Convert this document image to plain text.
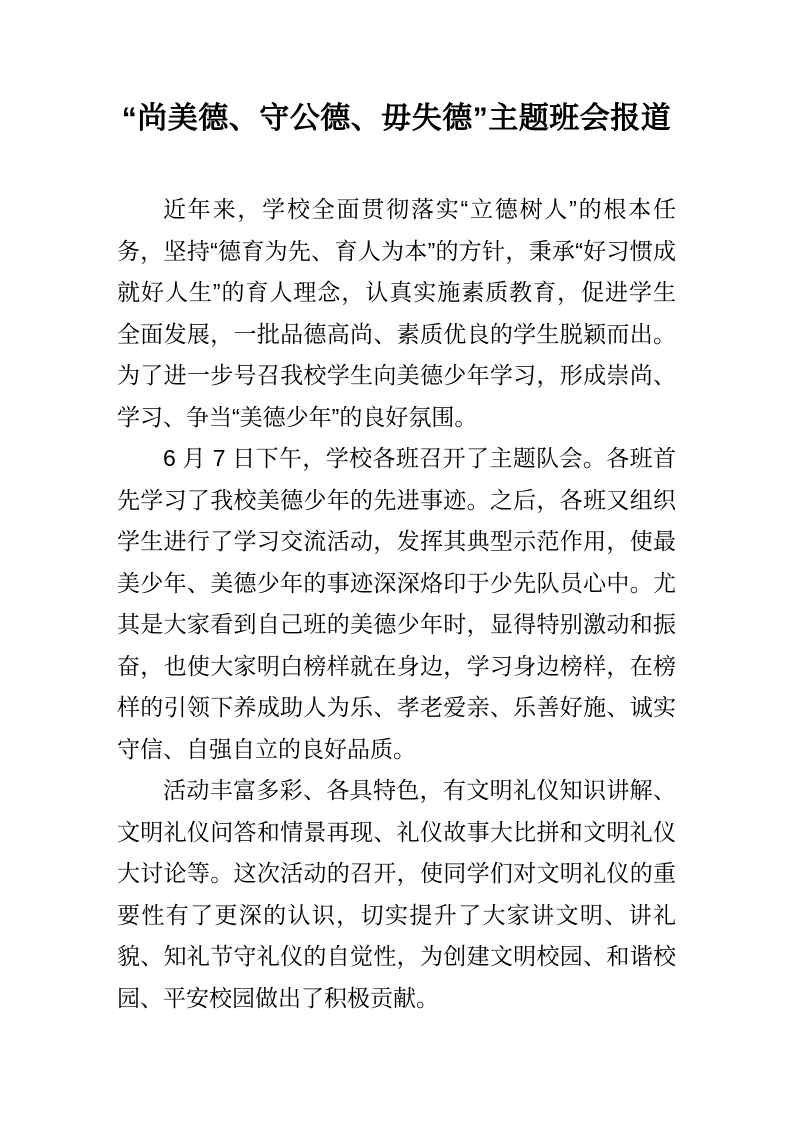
“尚美德、守公德、毋失德”主题班会报道

近年来，学校全面贯彻落实“立德树人”的根本任务，坚持“德育为先、育人为本”的方针，秉承“好习惯成就好人生”的育人理念，认真实施素质教育，促进学生全面发展，一批品德高尚、素质优良的学生脱颖而出。为了进一步号召我校学生向美德少年学习，形成崇尚、学习、争当“美德少年”的良好氛围。

6 月 7 日下午，学校各班召开了主题队会。各班首先学习了我校美德少年的先进事迹。之后，各班又组织学生进行了学习交流活动，发挥其典型示范作用，使最美少年、美德少年的事迹深深烙印于少先队员心中。尤其是大家看到自己班的美德少年时，显得特别激动和振奋，也使大家明白榜样就在身边，学习身边榜样，在榜样的引领下养成助人为乐、孝老爱亲、乐善好施、诚实守信、自强自立的良好品质。

活动丰富多彩、各具特色，有文明礼仪知识讲解、文明礼仪问答和情景再现、礼仪故事大比拼和文明礼仪大讨论等。这次活动的召开，使同学们对文明礼仪的重要性有了更深的认识，切实提升了大家讲文明、讲礼貌、知礼节守礼仪的自觉性，为创建文明校园、和谐校园、平安校园做出了积极贡献。
